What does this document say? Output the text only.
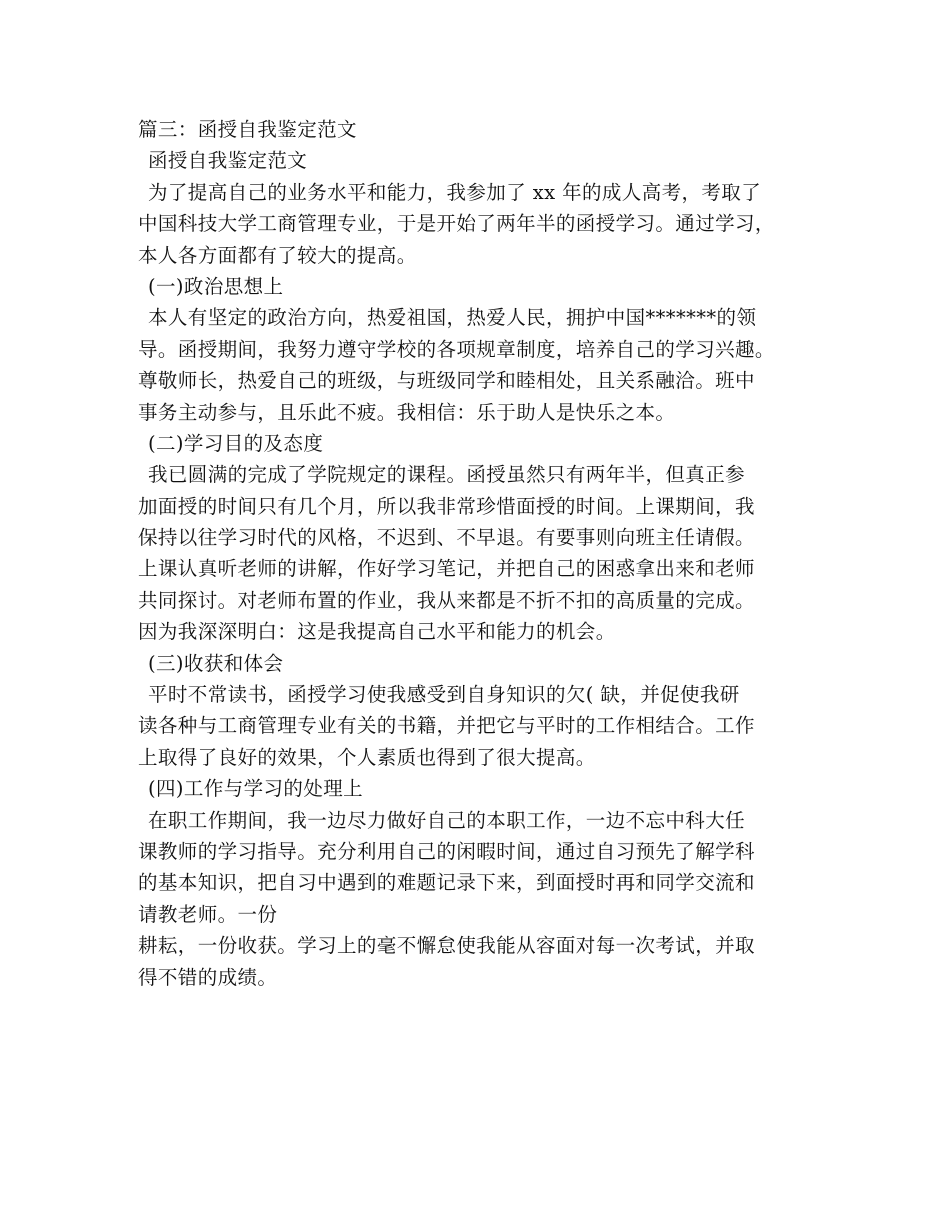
篇三：函授自我鉴定范文
函授自我鉴定范文
为了提高自己的业务水平和能力，我参加了 xx 年的成人高考，考取了
中国科技大学工商管理专业，于是开始了两年半的函授学习。通过学习，
本人各方面都有了较大的提高。
(一)政治思想上
本人有坚定的政治方向，热爱祖国，热爱人民，拥护中国*******的领
导。函授期间，我努力遵守学校的各项规章制度，培养自己的学习兴趣。
尊敬师长，热爱自己的班级，与班级同学和睦相处，且关系融洽。班中
事务主动参与，且乐此不疲。我相信：乐于助人是快乐之本。
(二)学习目的及态度
我已圆满的完成了学院规定的课程。函授虽然只有两年半，但真正参
加面授的时间只有几个月，所以我非常珍惜面授的时间。上课期间，我
保持以往学习时代的风格，不迟到、不早退。有要事则向班主任请假。
上课认真听老师的讲解，作好学习笔记，并把自己的困惑拿出来和老师
共同探讨。对老师布置的作业，我从来都是不折不扣的高质量的完成。
因为我深深明白：这是我提高自己水平和能力的机会。
(三)收获和体会
平时不常读书，函授学习使我感受到自身知识的欠( 缺，并促使我研
读各种与工商管理专业有关的书籍，并把它与平时的工作相结合。工作
上取得了良好的效果，个人素质也得到了很大提高。
(四)工作与学习的处理上
在职工作期间，我一边尽力做好自己的本职工作，一边不忘中科大任
课教师的学习指导。充分利用自己的闲暇时间，通过自习预先了解学科
的基本知识，把自习中遇到的难题记录下来，到面授时再和同学交流和
请教老师。一份
耕耘，一份收获。学习上的毫不懈怠使我能从容面对每一次考试，并取
得不错的成绩。
